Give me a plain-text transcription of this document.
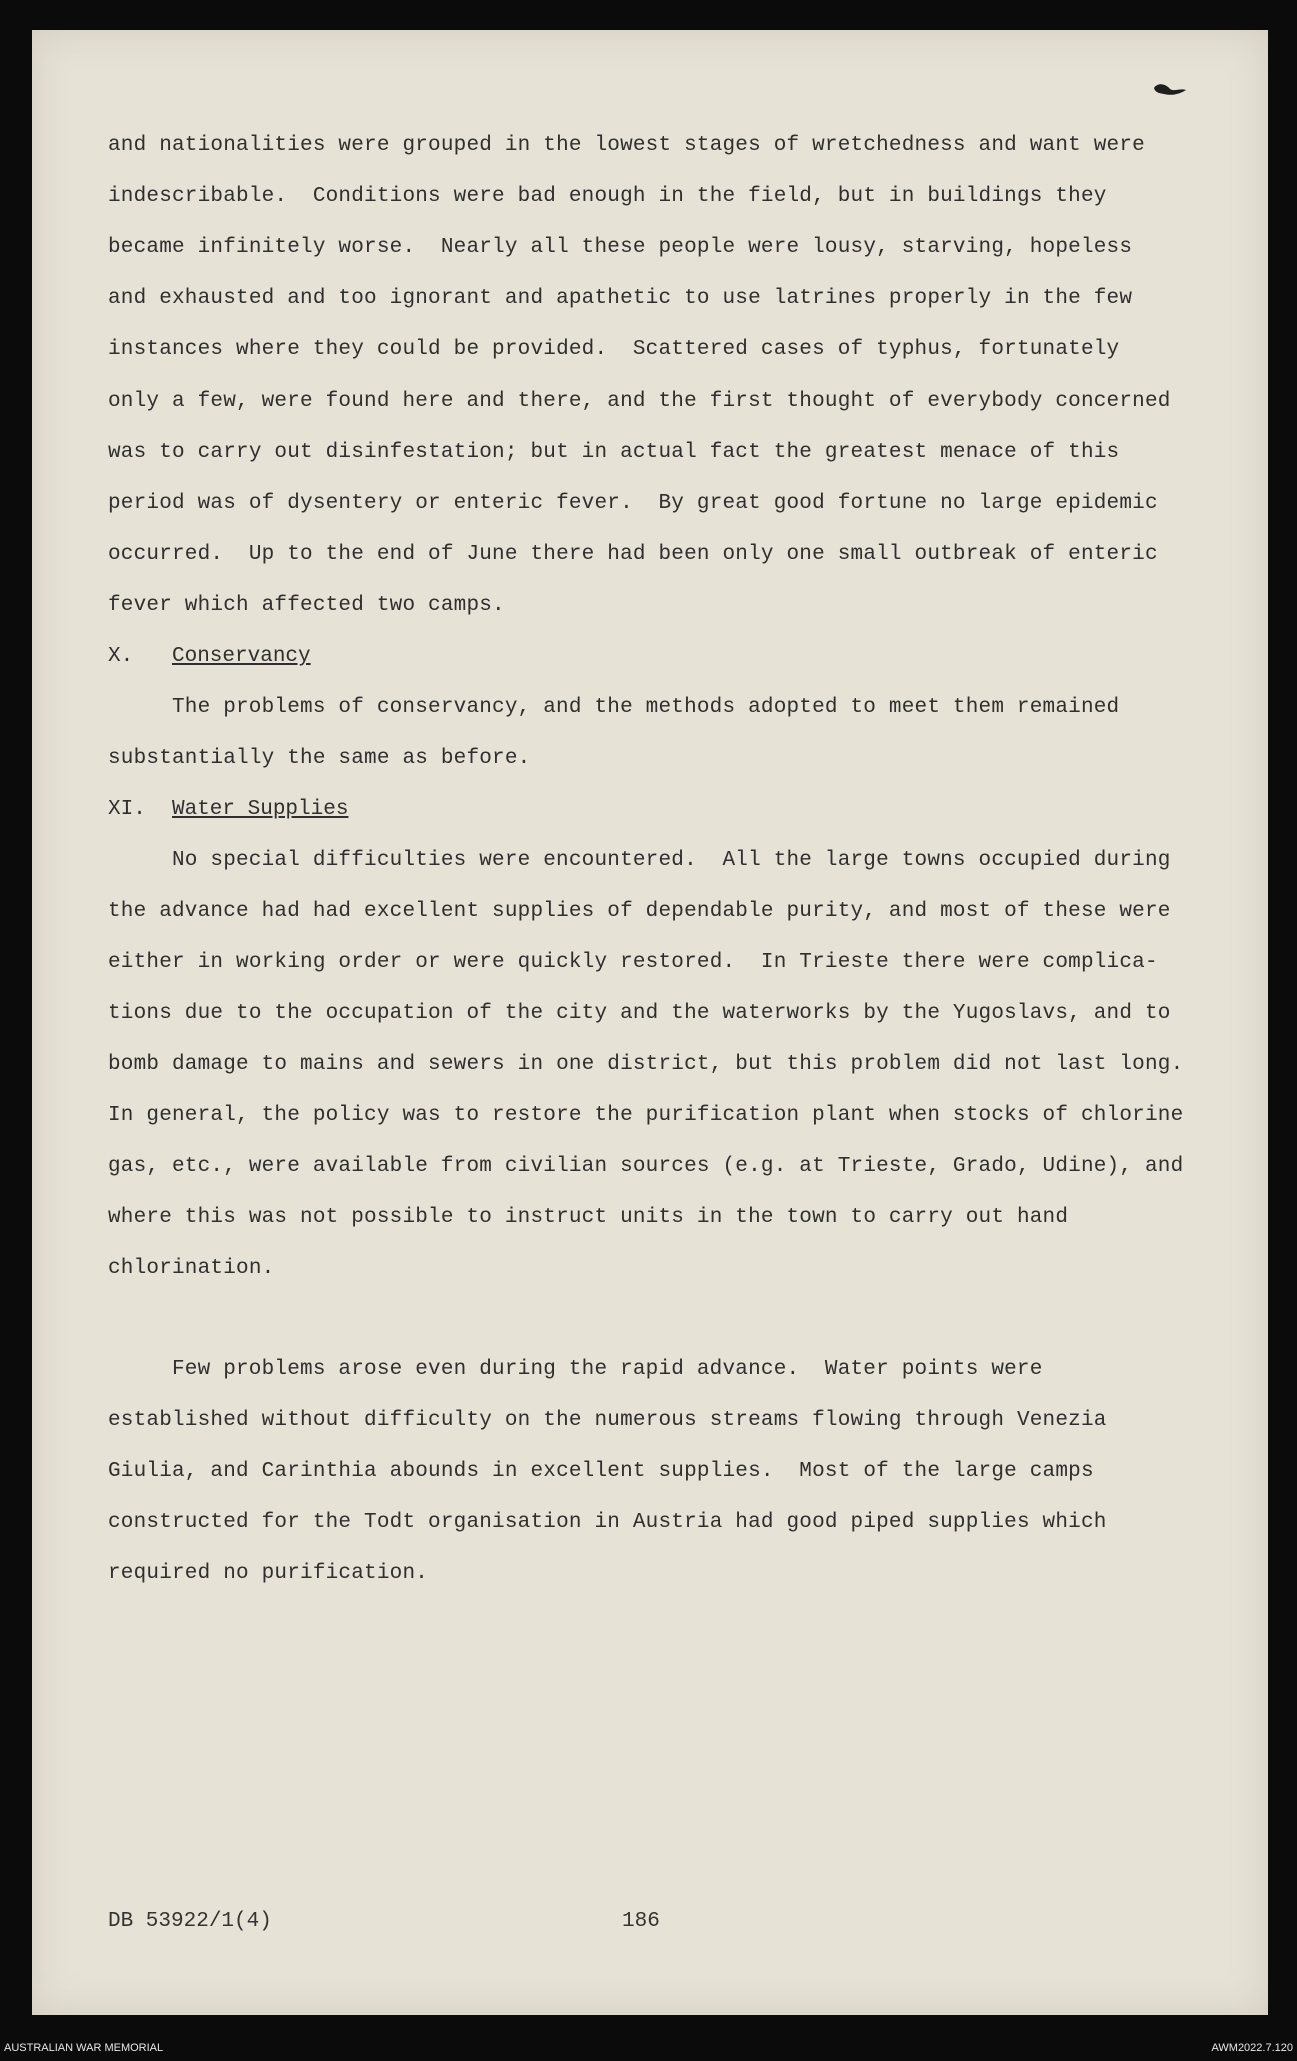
and nationalities were grouped in the lowest stages of wretchedness and want were
indescribable.  Conditions were bad enough in the field, but in buildings they
became infinitely worse.  Nearly all these people were lousy, starving, hopeless
and exhausted and too ignorant and apathetic to use latrines properly in the few
instances where they could be provided.  Scattered cases of typhus, fortunately
only a few, were found here and there, and the first thought of everybody concerned
was to carry out disinfestation; but in actual fact the greatest menace of this
period was of dysentery or enteric fever.  By great good fortune no large epidemic
occurred.  Up to the end of June there had been only one small outbreak of enteric
fever which affected two camps.
X. Conservancy
The problems of conservancy, and the methods adopted to meet them remained
substantially the same as before.
XI. Water Supplies
No special difficulties were encountered.  All the large towns occupied during
the advance had had excellent supplies of dependable purity, and most of these were
either in working order or were quickly restored.  In Trieste there were complica-
tions due to the occupation of the city and the waterworks by the Yugoslavs, and to
bomb damage to mains and sewers in one district, but this problem did not last long.
In general, the policy was to restore the purification plant when stocks of chlorine
gas, etc., were available from civilian sources (e.g. at Trieste, Grado, Udine), and
where this was not possible to instruct units in the town to carry out hand
chlorination.
Few problems arose even during the rapid advance.  Water points were
established without difficulty on the numerous streams flowing through Venezia
Giulia, and Carinthia abounds in excellent supplies.  Most of the large camps
constructed for the Todt organisation in Austria had good piped supplies which
required no purification.
DB 53922/1(4)	186
AUSTRALIAN WAR MEMORIAL	AWM2022.7.120
